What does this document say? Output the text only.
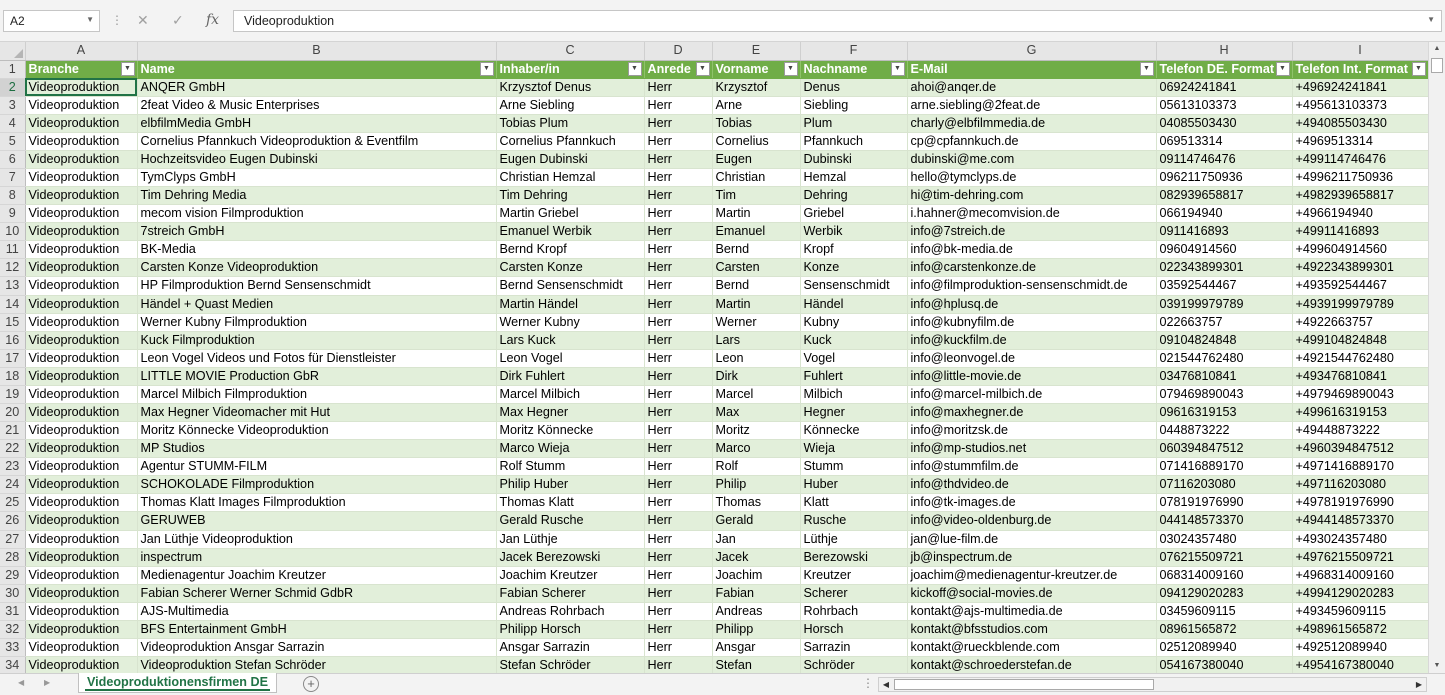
A2	▼ ⋮ ✕ ✓ fx	Videoproduktion	▼
	A	B	C	D	E	F	G	H	I
1	Branche ▼	Name ▼	Inhaber/in ▼	Anrede ▼	Vorname ▼	Nachname ▼	E-Mail ▼	Telefon DE. Format ▼	Telefon Int. Format ▼

2	Videoproduktion	ANQER GmbH	Krzysztof Denus	Herr	Krzysztof	Denus	ahoi@anqer.de	06924241841	+496924241841
3	Videoproduktion	2feat Video & Music Enterprises	Arne Siebling	Herr	Arne	Siebling	arne.siebling@2feat.de	05613103373	+495613103373
4	Videoproduktion	elbfilmMedia GmbH	Tobias Plum	Herr	Tobias	Plum	charly@elbfilmmedia.de	04085503430	+494085503430
5	Videoproduktion	Cornelius Pfannkuch Videoproduktion & Eventfilm	Cornelius Pfannkuch	Herr	Cornelius	Pfannkuch	cp@cpfannkuch.de	069513314	+4969513314
6	Videoproduktion	Hochzeitsvideo Eugen Dubinski	Eugen Dubinski	Herr	Eugen	Dubinski	dubinski@me.com	09114746476	+499114746476
7	Videoproduktion	TymClyps GmbH	Christian Hemzal	Herr	Christian	Hemzal	hello@tymclyps.de	096211750936	+4996211750936
8	Videoproduktion	Tim Dehring Media	Tim Dehring	Herr	Tim	Dehring	hi@tim-dehring.com	082939658817	+4982939658817
9	Videoproduktion	mecom vision Filmproduktion	Martin Griebel	Herr	Martin	Griebel	i.hahner@mecomvision.de	066194940	+4966194940
10	Videoproduktion	7streich GmbH	Emanuel Werbik	Herr	Emanuel	Werbik	info@7streich.de	0911416893	+49911416893
11	Videoproduktion	BK-Media	Bernd Kropf	Herr	Bernd	Kropf	info@bk-media.de	09604914560	+499604914560
12	Videoproduktion	Carsten Konze Videoproduktion	Carsten Konze	Herr	Carsten	Konze	info@carstenkonze.de	022343899301	+4922343899301
13	Videoproduktion	HP Filmproduktion Bernd Sensenschmidt	Bernd Sensenschmidt	Herr	Bernd	Sensenschmidt	info@filmproduktion-sensenschmidt.de	03592544467	+493592544467
14	Videoproduktion	Händel + Quast Medien	Martin Händel	Herr	Martin	Händel	info@hplusq.de	039199979789	+4939199979789
15	Videoproduktion	Werner Kubny Filmproduktion	Werner Kubny	Herr	Werner	Kubny	info@kubnyfilm.de	022663757	+4922663757
16	Videoproduktion	Kuck Filmproduktion	Lars Kuck	Herr	Lars	Kuck	info@kuckfilm.de	09104824848	+499104824848
17	Videoproduktion	Leon Vogel Videos und Fotos für Dienstleister	Leon Vogel	Herr	Leon	Vogel	info@leonvogel.de	021544762480	+4921544762480
18	Videoproduktion	LITTLE MOVIE Production GbR	Dirk Fuhlert	Herr	Dirk	Fuhlert	info@little-movie.de	03476810841	+493476810841
19	Videoproduktion	Marcel Milbich Filmproduktion	Marcel Milbich	Herr	Marcel	Milbich	info@marcel-milbich.de	079469890043	+4979469890043
20	Videoproduktion	Max Hegner Videomacher mit Hut	Max Hegner	Herr	Max	Hegner	info@maxhegner.de	09616319153	+499616319153
21	Videoproduktion	Moritz Könnecke Videoproduktion	Moritz Könnecke	Herr	Moritz	Könnecke	info@moritzsk.de	0448873222	+49448873222
22	Videoproduktion	MP Studios	Marco Wieja	Herr	Marco	Wieja	info@mp-studios.net	060394847512	+4960394847512
23	Videoproduktion	Agentur STUMM-FILM	Rolf Stumm	Herr	Rolf	Stumm	info@stummfilm.de	071416889170	+4971416889170
24	Videoproduktion	SCHOKOLADE Filmproduktion	Philip Huber	Herr	Philip	Huber	info@thdvideo.de	07116203080	+497116203080
25	Videoproduktion	Thomas Klatt Images Filmproduktion	Thomas Klatt	Herr	Thomas	Klatt	info@tk-images.de	078191976990	+4978191976990
26	Videoproduktion	GERUWEB	Gerald Rusche	Herr	Gerald	Rusche	info@video-oldenburg.de	044148573370	+4944148573370
27	Videoproduktion	Jan Lüthje Videoproduktion	Jan Lüthje	Herr	Jan	Lüthje	jan@lue-film.de	03024357480	+493024357480
28	Videoproduktion	inspectrum	Jacek Berezowski	Herr	Jacek	Berezowski	jb@inspectrum.de	076215509721	+4976215509721
29	Videoproduktion	Medienagentur Joachim Kreutzer	Joachim Kreutzer	Herr	Joachim	Kreutzer	joachim@medienagentur-kreutzer.de	068314009160	+4968314009160
30	Videoproduktion	Fabian Scherer Werner Schmid GdbR	Fabian Scherer	Herr	Fabian	Scherer	kickoff@social-movies.de	094129020283	+4994129020283
31	Videoproduktion	AJS-Multimedia	Andreas Rohrbach	Herr	Andreas	Rohrbach	kontakt@ajs-multimedia.de	03459609115	+493459609115
32	Videoproduktion	BFS Entertainment GmbH	Philipp Horsch	Herr	Philipp	Horsch	kontakt@bfsstudios.com	08961565872	+498961565872
33	Videoproduktion	Videoproduktion Ansgar Sarrazin	Ansgar Sarrazin	Herr	Ansgar	Sarrazin	kontakt@rueckblende.com	02512089940	+492512089940
34	Videoproduktion	Videoproduktion Stefan Schröder	Stefan Schröder	Herr	Stefan	Schröder	kontakt@schroederstefan.de	054167380040	+4954167380040
▲
▼
◀ ▶	Videoproduktionensfirmen DE	+	⋮ ◀	▶
